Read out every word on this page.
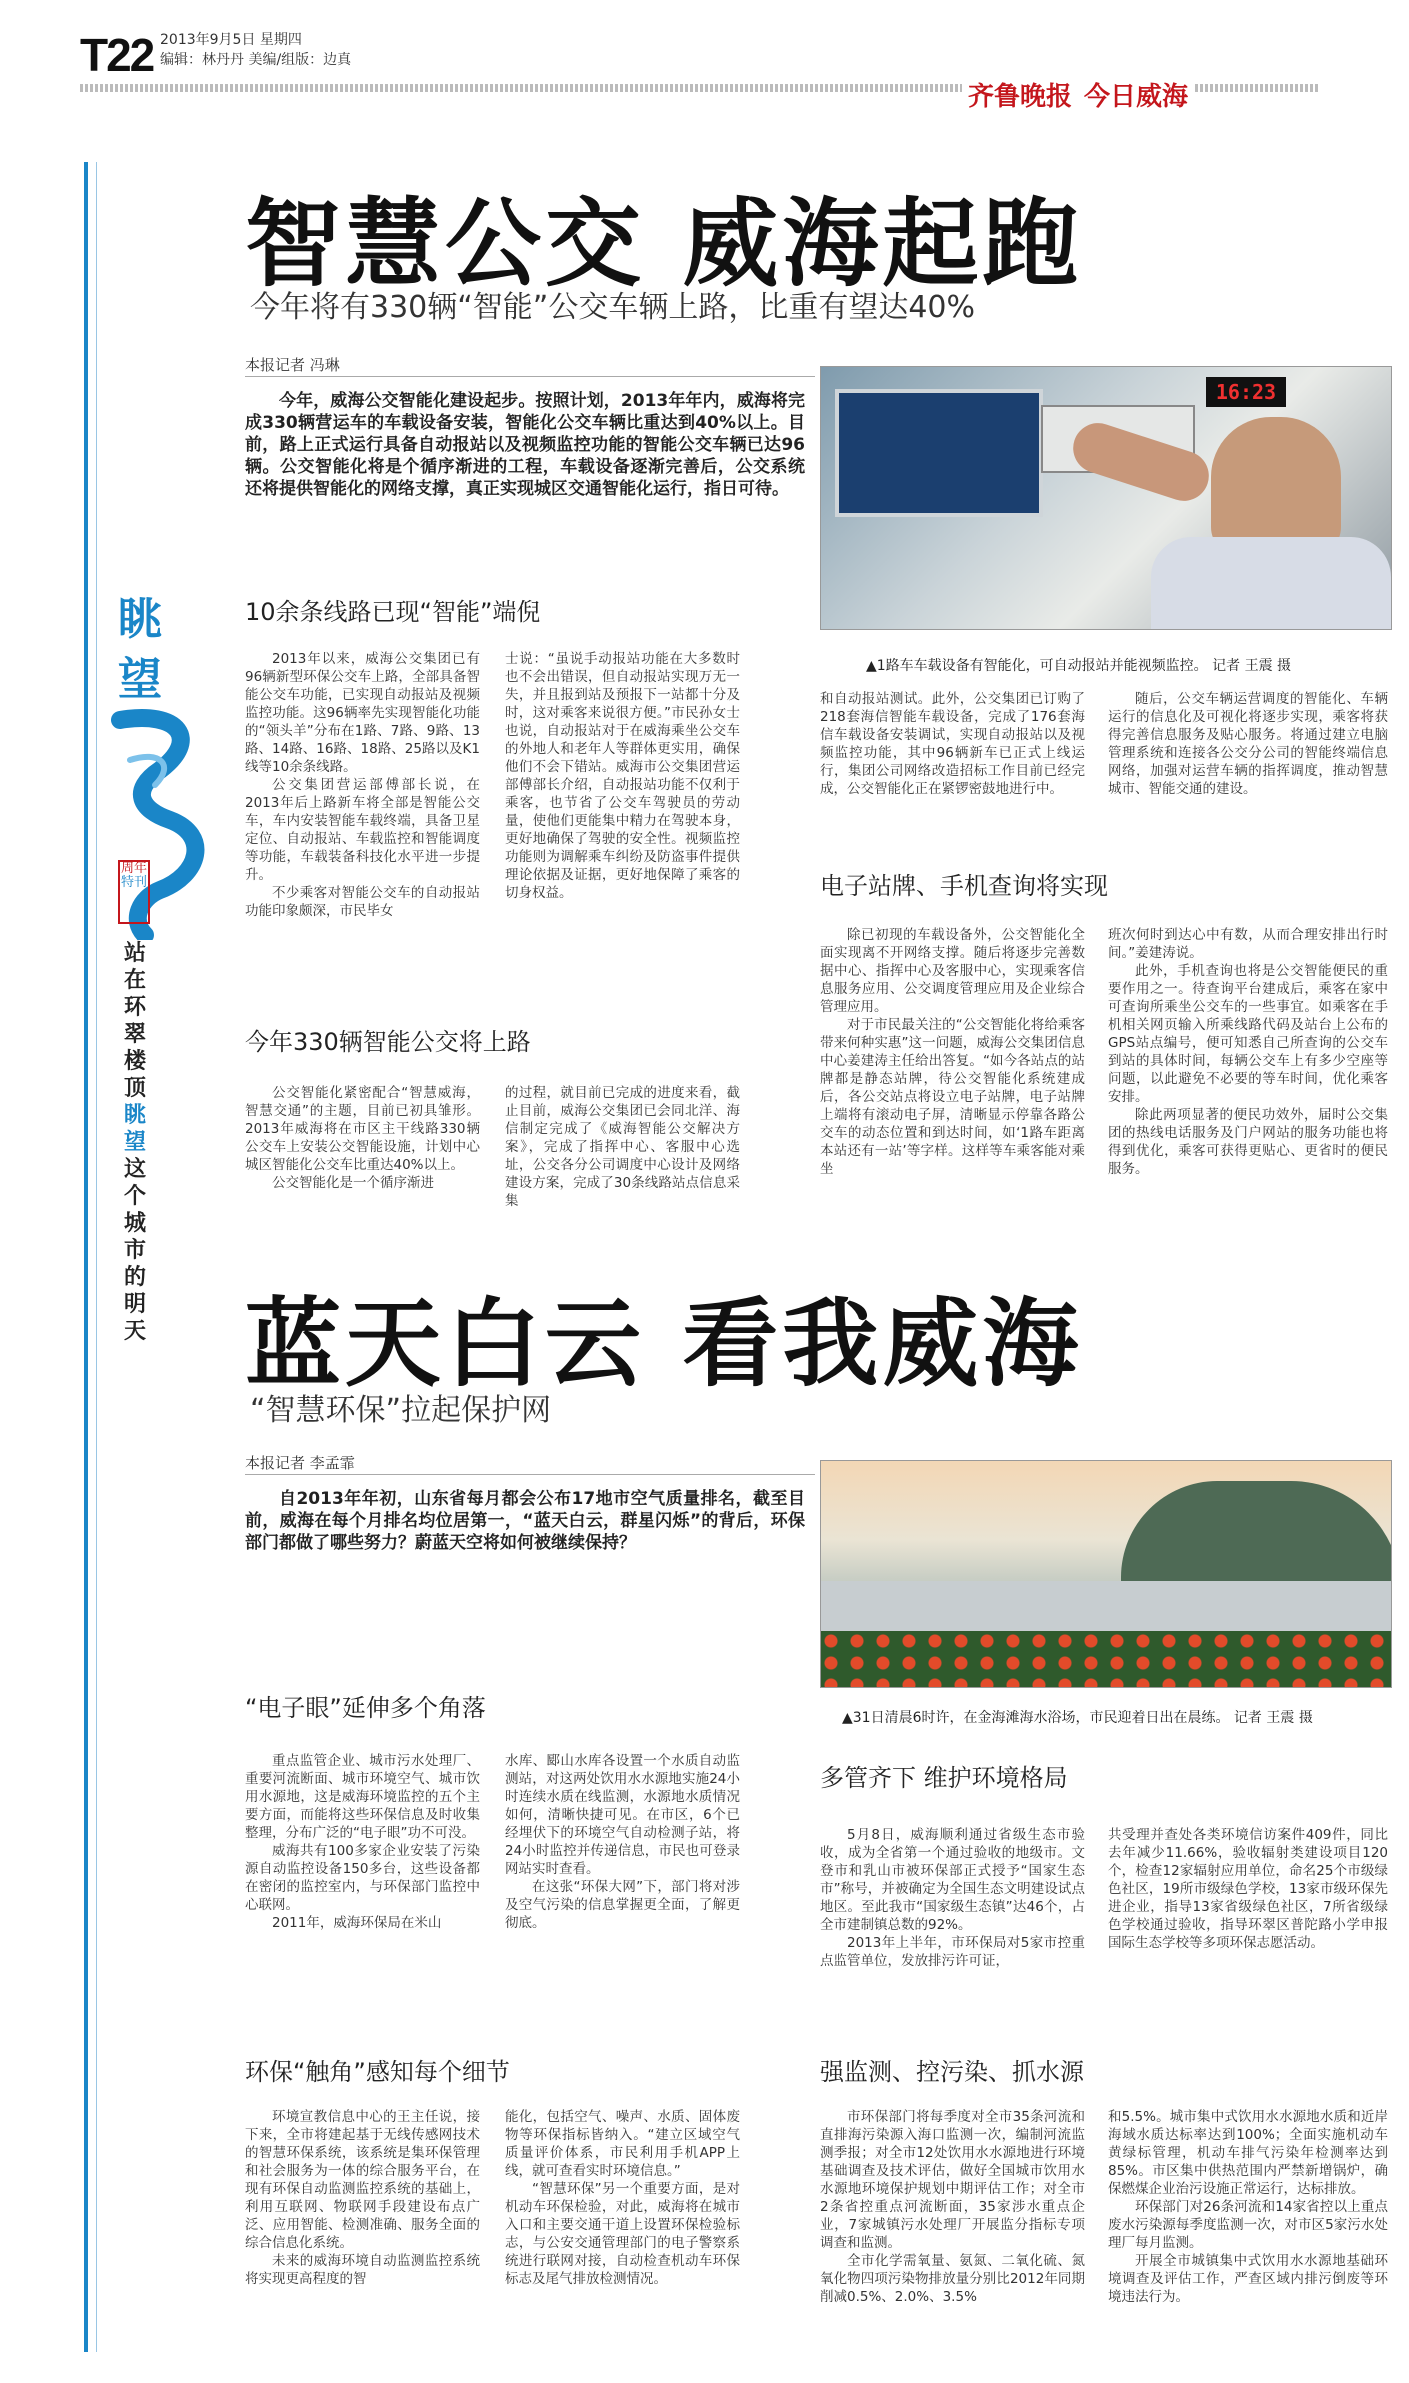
T22 2013年9月5日 星期四
编辑：林丹丹 美编/组版：边真
齐鲁晚报 今日威海
眺望
周年
特刊
站在环翠楼顶眺望这个城市的明天
智慧公交 威海起跑
今年将有330辆“智能”公交车辆上路，比重有望达40%
本报记者 冯琳
今年，威海公交智能化建设起步。按照计划，2013年年内，威海将完成330辆营运车的车载设备安装，智能化公交车辆比重达到40%以上。目前，路上正式运行具备自动报站以及视频监控功能的智能公交车辆已达96辆。公交智能化将是个循序渐进的工程，车载设备逐渐完善后，公交系统还将提供智能化的网络支撑，真正实现城区交通智能化运行，指日可待。
16:23
▲1路车车载设备有智能化，可自动报站并能视频监控。 记者 王震 摄
10余条线路已现“智能”端倪

2013年以来，威海公交集团已有96辆新型环保公交车上路，全部具备智能公交车功能，已实现自动报站及视频监控功能。这96辆率先实现智能化功能的“领头羊”分布在1路、7路、9路、13路、14路、16路、18路、25路以及K1线等10余条线路。

公交集团营运部傅部长说，在2013年后上路新车将全部是智能公交车，车内安装智能车载终端，具备卫星定位、自动报站、车载监控和智能调度等功能，车载装备科技化水平进一步提升。

不少乘客对智能公交车的自动报站功能印象颇深，市民毕女

士说：“虽说手动报站功能在大多数时也不会出错误，但自动报站实现万无一失，并且报到站及预报下一站都十分及时，这对乘客来说很方便。”市民孙女士也说，自动报站对于在威海乘坐公交车的外地人和老年人等群体更实用，确保他们不会下错站。威海市公交集团营运部傅部长介绍，自动报站功能不仅利于乘客，也节省了公交车驾驶员的劳动量，使他们更能集中精力在驾驶本身，更好地确保了驾驶的安全性。视频监控功能则为调解乘车纠纷及防盗事件提供理论依据及证据，更好地保障了乘客的切身权益。

和自动报站测试。此外，公交集团已订购了218套海信智能车载设备，完成了176套海信车载设备安装调试，实现自动报站以及视频监控功能，其中96辆新车已正式上线运行，集团公司网络改造招标工作目前已经完成，公交智能化正在紧锣密鼓地进行中。

随后，公交车辆运营调度的智能化、车辆运行的信息化及可视化将逐步实现，乘客将获得完善信息服务及贴心服务。将通过建立电脑管理系统和连接各公交分公司的智能终端信息网络，加强对运营车辆的指挥调度，推动智慧城市、智能交通的建设。

今年330辆智能公交将上路

公交智能化紧密配合“智慧威海，智慧交通”的主题，目前已初具雏形。2013年威海将在市区主干线路330辆公交车上安装公交智能设施，计划中心城区智能化公交车比重达40%以上。

公交智能化是一个循序渐进

的过程，就目前已完成的进度来看，截止目前，威海公交集团已会同北洋、海信制定完成了《威海智能公交解决方案》，完成了指挥中心、客服中心选址，公交各分公司调度中心设计及网络建设方案，完成了30条线路站点信息采集

电子站牌、手机查询将实现

除已初现的车载设备外，公交智能化全面实现离不开网络支撑。随后将逐步完善数据中心、指挥中心及客服中心，实现乘客信息服务应用、公交调度管理应用及企业综合管理应用。

对于市民最关注的“公交智能化将给乘客带来何种实惠”这一问题，威海公交集团信息中心姜建涛主任给出答复。“如今各站点的站牌都是静态站牌，待公交智能化系统建成后，各公交站点将设立电子站牌，电子站牌上端将有滚动电子屏，清晰显示停靠各路公交车的动态位置和到达时间，如‘1路车距离本站还有一站’等字样。这样等车乘客能对乘坐

班次何时到达心中有数，从而合理安排出行时间。”姜建涛说。

此外，手机查询也将是公交智能便民的重要作用之一。待查询平台建成后，乘客在家中可查询所乘坐公交车的一些事宜。如乘客在手机相关网页输入所乘线路代码及站台上公布的GPS站点编号，便可知悉自己所查询的公交车到站的具体时间，每辆公交车上有多少空座等问题，以此避免不必要的等车时间，优化乘客安排。

除此两项显著的便民功效外，届时公交集团的热线电话服务及门户网站的服务功能也将得到优化，乘客可获得更贴心、更省时的便民服务。

蓝天白云 看我威海
“智慧环保”拉起保护网
本报记者 李孟霏
自2013年年初，山东省每月都会公布17地市空气质量排名，截至目前，威海在每个月排名均位居第一，“蓝天白云，群星闪烁”的背后，环保部门都做了哪些努力？蔚蓝天空将如何被继续保持？
▲31日清晨6时许，在金海滩海水浴场，市民迎着日出在晨练。 记者 王震 摄
“电子眼”延伸多个角落

重点监管企业、城市污水处理厂、重要河流断面、城市环境空气、城市饮用水源地，这是威海环境监控的五个主要方面，而能将这些环保信息及时收集整理，分布广泛的“电子眼”功不可没。

威海共有100多家企业安装了污染源自动监控设备150多台，这些设备都在密闭的监控室内，与环保部门监控中心联网。

2011年，威海环保局在米山

水库、郾山水库各设置一个水质自动监测站，对这两处饮用水水源地实施24小时连续水质在线监测，水源地水质情况如何，清晰快捷可见。在市区，6个已经埋伏下的环境空气自动检测子站，将24小时监控并传递信息，市民也可登录网站实时查看。

在这张“环保大网”下，部门将对涉及空气污染的信息掌握更全面，了解更彻底。

环保“触角”感知每个细节

环境宣教信息中心的王主任说，接下来，全市将建起基于无线传感网技术的智慧环保系统，该系统是集环保管理和社会服务为一体的综合服务平台，在现有环保自动监测监控系统的基础上，利用互联网、物联网手段建设布点广泛、应用智能、检测准确、服务全面的综合信息化系统。

未来的威海环境自动监测监控系统将实现更高程度的智

能化，包括空气、噪声、水质、固体废物等环保指标皆纳入。“建立区域空气质量评价体系，市民利用手机APP上线，就可查看实时环境信息。”

“智慧环保”另一个重要方面，是对机动车环保检验，对此，威海将在城市入口和主要交通干道上设置环保检验标志，与公安交通管理部门的电子警察系统进行联网对接，自动检查机动车环保标志及尾气排放检测情况。

多管齐下 维护环境格局

5月8日，威海顺利通过省级生态市验收，成为全省第一个通过验收的地级市。文登市和乳山市被环保部正式授予“国家生态市”称号，并被确定为全国生态文明建设试点地区。至此我市“国家级生态镇”达46个，占全市建制镇总数的92%。

2013年上半年，市环保局对5家市控重点监管单位，发放排污许可证，

共受理并查处各类环境信访案件409件，同比去年减少11.66%，验收辐射类建设项目120个，检查12家辐射应用单位，命名25个市级绿色社区，19所市级绿色学校，13家市级环保先进企业，指导13家省级绿色社区，7所省级绿色学校通过验收，指导环翠区普陀路小学申报国际生态学校等多项环保志愿活动。

强监测、控污染、抓水源

市环保部门将每季度对全市35条河流和直排海污染源入海口监测一次，编制河流监测季报；对全市12处饮用水水源地进行环境基础调查及技术评估，做好全国城市饮用水水源地环境保护规划中期评估工作；对全市2条省控重点河流断面，35家涉水重点企业，7家城镇污水处理厂开展监分指标专项调查和监测。

全市化学需氧量、氨氮、二氧化硫、氮氧化物四项污染物排放量分别比2012年同期削减0.5%、2.0%、3.5%

和5.5%。城市集中式饮用水水源地水质和近岸海域水质达标率达到100%；全面实施机动车黄绿标管理，机动车排气污染年检测率达到85%。市区集中供热范围内严禁新增锅炉，确保燃煤企业治污设施正常运行，达标排放。

环保部门对26条河流和14家省控以上重点废水污染源每季度监测一次，对市区5家污水处理厂每月监测。

开展全市城镇集中式饮用水水源地基础环境调查及评估工作，严查区域内排污倒废等环境违法行为。
